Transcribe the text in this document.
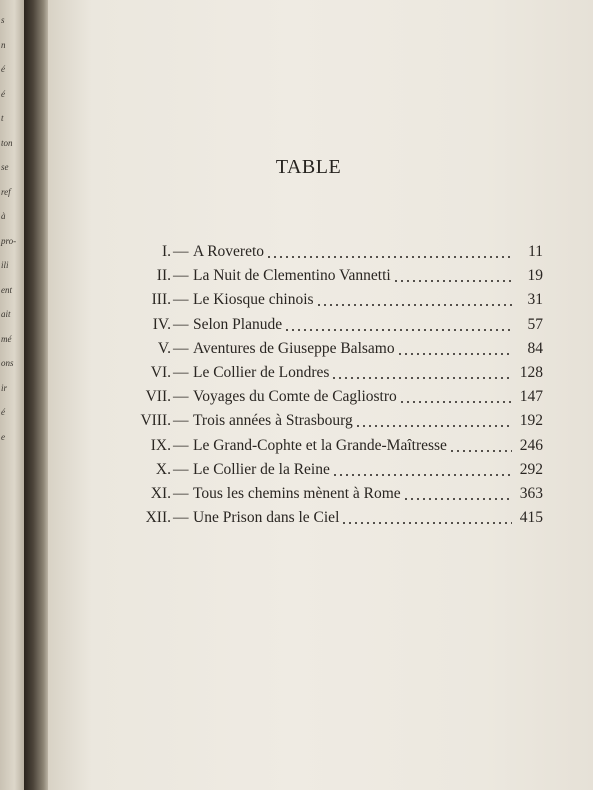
s
n
é
é
t
ton
se
ref
à
pro-
ili
ent
ait
mé
ons
ir
é
e
TABLE
I. — A Rovereto	11
II. — La Nuit de Clementino Vannetti	19
III. — Le Kiosque chinois	31
IV. — Selon Planude	57
V. — Aventures de Giuseppe Balsamo	84
VI. — Le Collier de Londres	128
VII. — Voyages du Comte de Cagliostro	147
VIII. — Trois années à Strasbourg	192
IX. — Le Grand-Cophte et la Grande-Maîtresse	246
X. — Le Collier de la Reine	292
XI. — Tous les chemins mènent à Rome	363
XII. — Une Prison dans le Ciel	415
